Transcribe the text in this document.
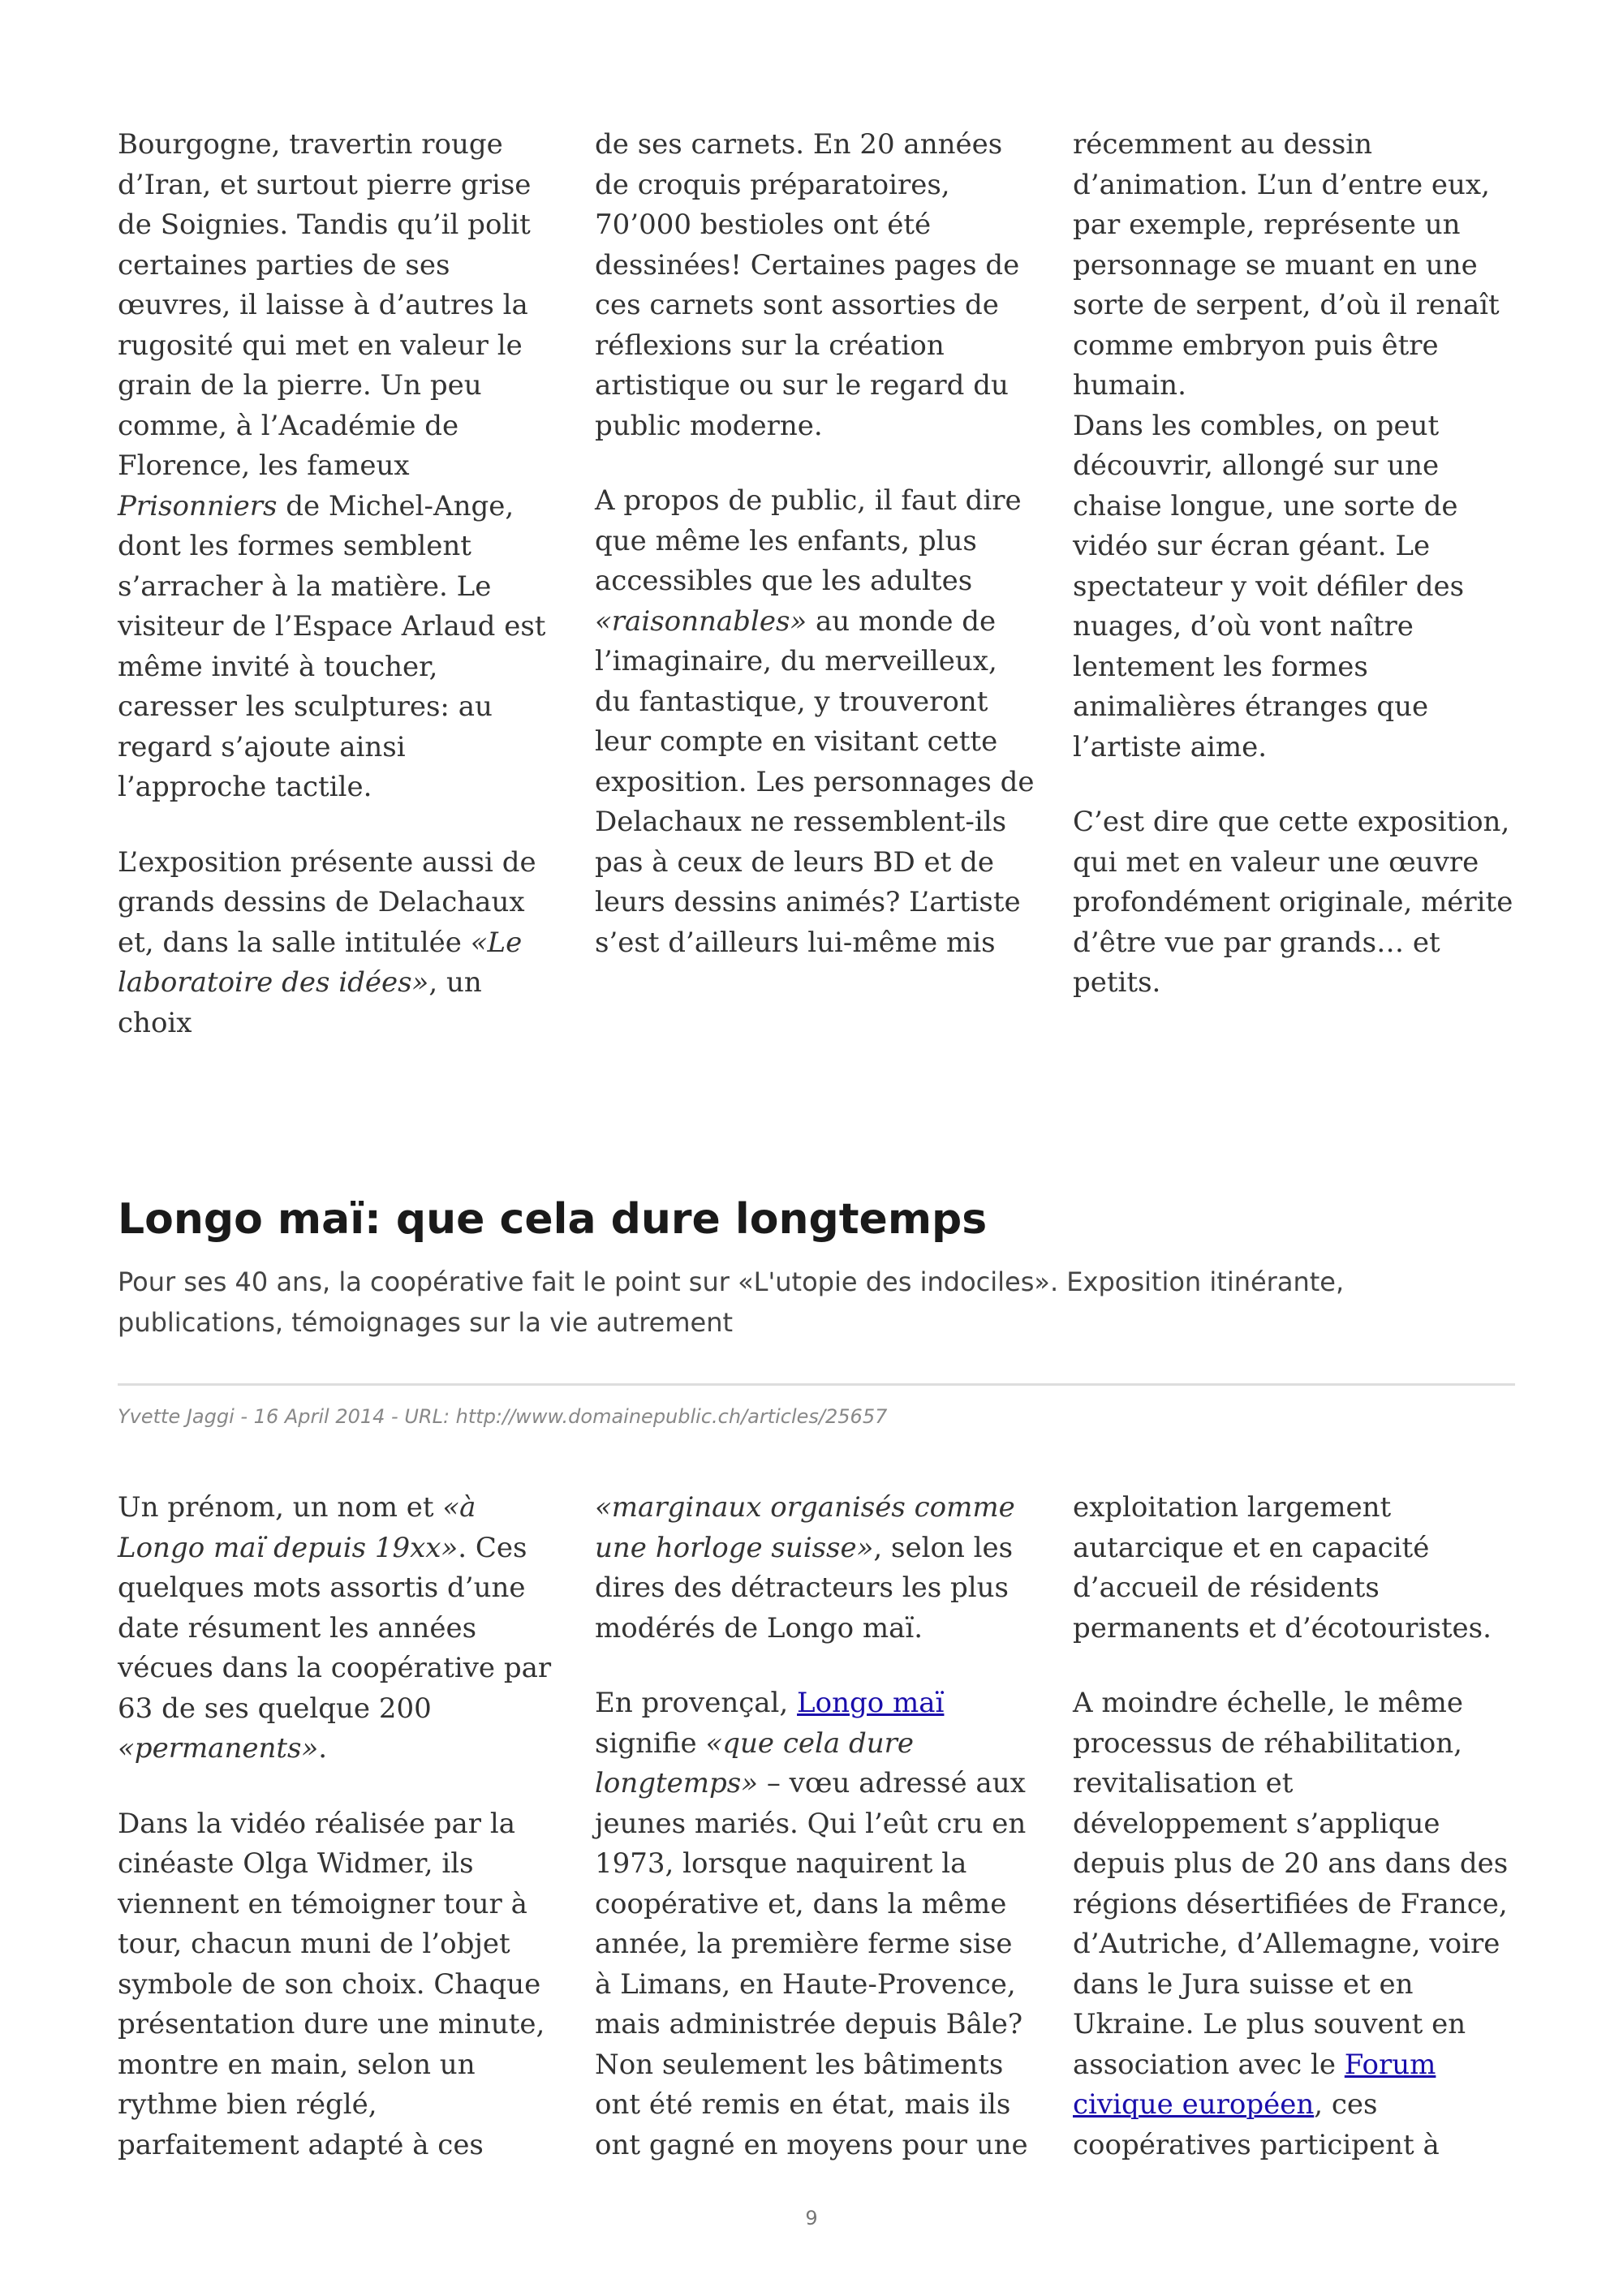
Bourgogne, travertin rouge d’Iran, et surtout pierre grise de Soignies. Tandis qu’il polit certaines parties de ses œuvres, il laisse à d’autres la rugosité qui met en valeur le grain de la pierre. Un peu comme, à l’Académie de Florence, les fameux Prisonniers de Michel-Ange, dont les formes semblent s’arracher à la matière. Le visiteur de l’Espace Arlaud est même invité à toucher, caresser les sculptures: au regard s’ajoute ainsi l’approche tactile.

L’exposition présente aussi de grands dessins de Delachaux et, dans la salle intitulée «Le laboratoire des idées», un choix

de ses carnets. En 20 années de croquis préparatoires, 70’000 bestioles ont été dessinées! Certaines pages de ces carnets sont assorties de réflexions sur la création artistique ou sur le regard du public moderne.

A propos de public, il faut dire que même les enfants, plus accessibles que les adultes «raisonnables» au monde de l’imaginaire, du merveilleux, du fantastique, y trouveront leur compte en visitant cette exposition. Les personnages de Delachaux ne ressemblent-ils pas à ceux de leurs BD et de leurs dessins animés? L’artiste s’est d’ailleurs lui-même mis

récemment au dessin d’animation. L’un d’entre eux, par exemple, représente un personnage se muant en une sorte de serpent, d’où il renaît comme embryon puis être humain.

Dans les combles, on peut découvrir, allongé sur une chaise longue, une sorte de vidéo sur écran géant. Le spectateur y voit défiler des nuages, d’où vont naître lentement les formes animalières étranges que l’artiste aime.

C’est dire que cette exposition, qui met en valeur une œuvre profondément originale, mérite d’être vue par grands… et petits.

Longo maï: que cela dure longtemps

Pour ses 40 ans, la coopérative fait le point sur «L'utopie des indociles». Exposition itinérante, publications, témoignages sur la vie autrement

Yvette Jaggi - 16 April 2014 - URL: http://www.domainepublic.ch/articles/25657

Un prénom, un nom et «à Longo maï depuis 19xx». Ces quelques mots assortis d’une date résument les années vécues dans la coopérative par 63 de ses quelque 200 «permanents».

Dans la vidéo réalisée par la cinéaste Olga Widmer, ils viennent en témoigner tour à tour, chacun muni de l’objet symbole de son choix. Chaque présentation dure une minute, montre en main, selon un rythme bien réglé, parfaitement adapté à ces

«marginaux organisés comme une horloge suisse», selon les dires des détracteurs les plus modérés de Longo maï.

En provençal, Longo maï signifie «que cela dure longtemps» – vœu adressé aux jeunes mariés. Qui l’eût cru en 1973, lorsque naquirent la coopérative et, dans la même année, la première ferme sise à Limans, en Haute-Provence, mais administrée depuis Bâle? Non seulement les bâtiments ont été remis en état, mais ils ont gagné en moyens pour une

exploitation largement autarcique et en capacité d’accueil de résidents permanents et d’écotouristes.

A moindre échelle, le même processus de réhabilitation, revitalisation et développement s’applique depuis plus de 20 ans dans des régions désertifiées de France, d’Autriche, d’Allemagne, voire dans le Jura suisse et en Ukraine. Le plus souvent en association avec le Forum civique européen, ces coopératives participent à

9
